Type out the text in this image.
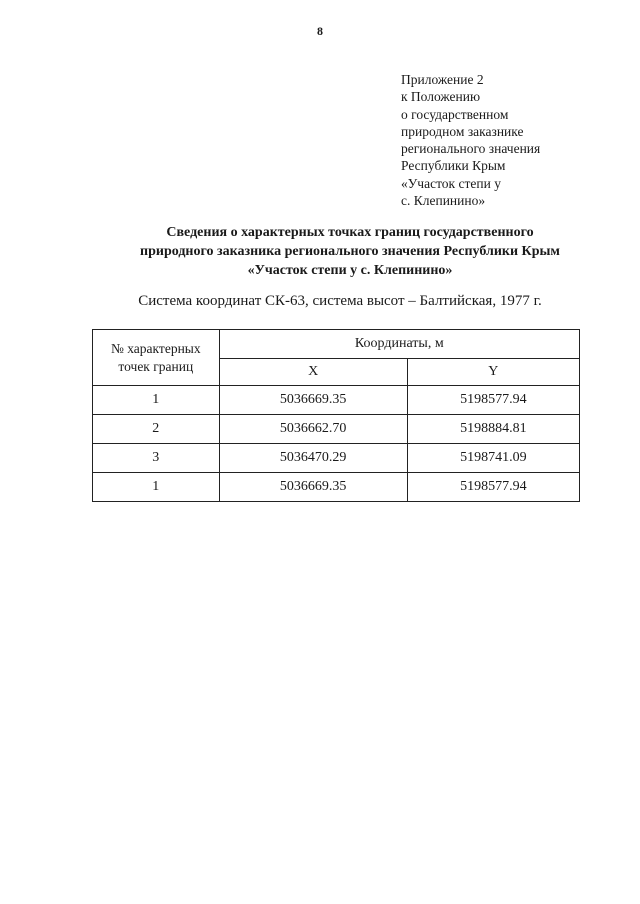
8
Приложение 2
к Положению
о государственном
природном заказнике
регионального значения
Республики Крым
«Участок степи у
с. Клепинино»
Сведения о характерных точках границ государственного
природного заказника регионального значения Республики Крым
«Участок степи у с. Клепинино»
Система координат СК-63, система высот – Балтийская, 1977 г.
№ характерных
точек границ	Координаты, м	
	X	Y
1	5036669.35	5198577.94
2	5036662.70	5198884.81
3	5036470.29	5198741.09
1	5036669.35	5198577.94
